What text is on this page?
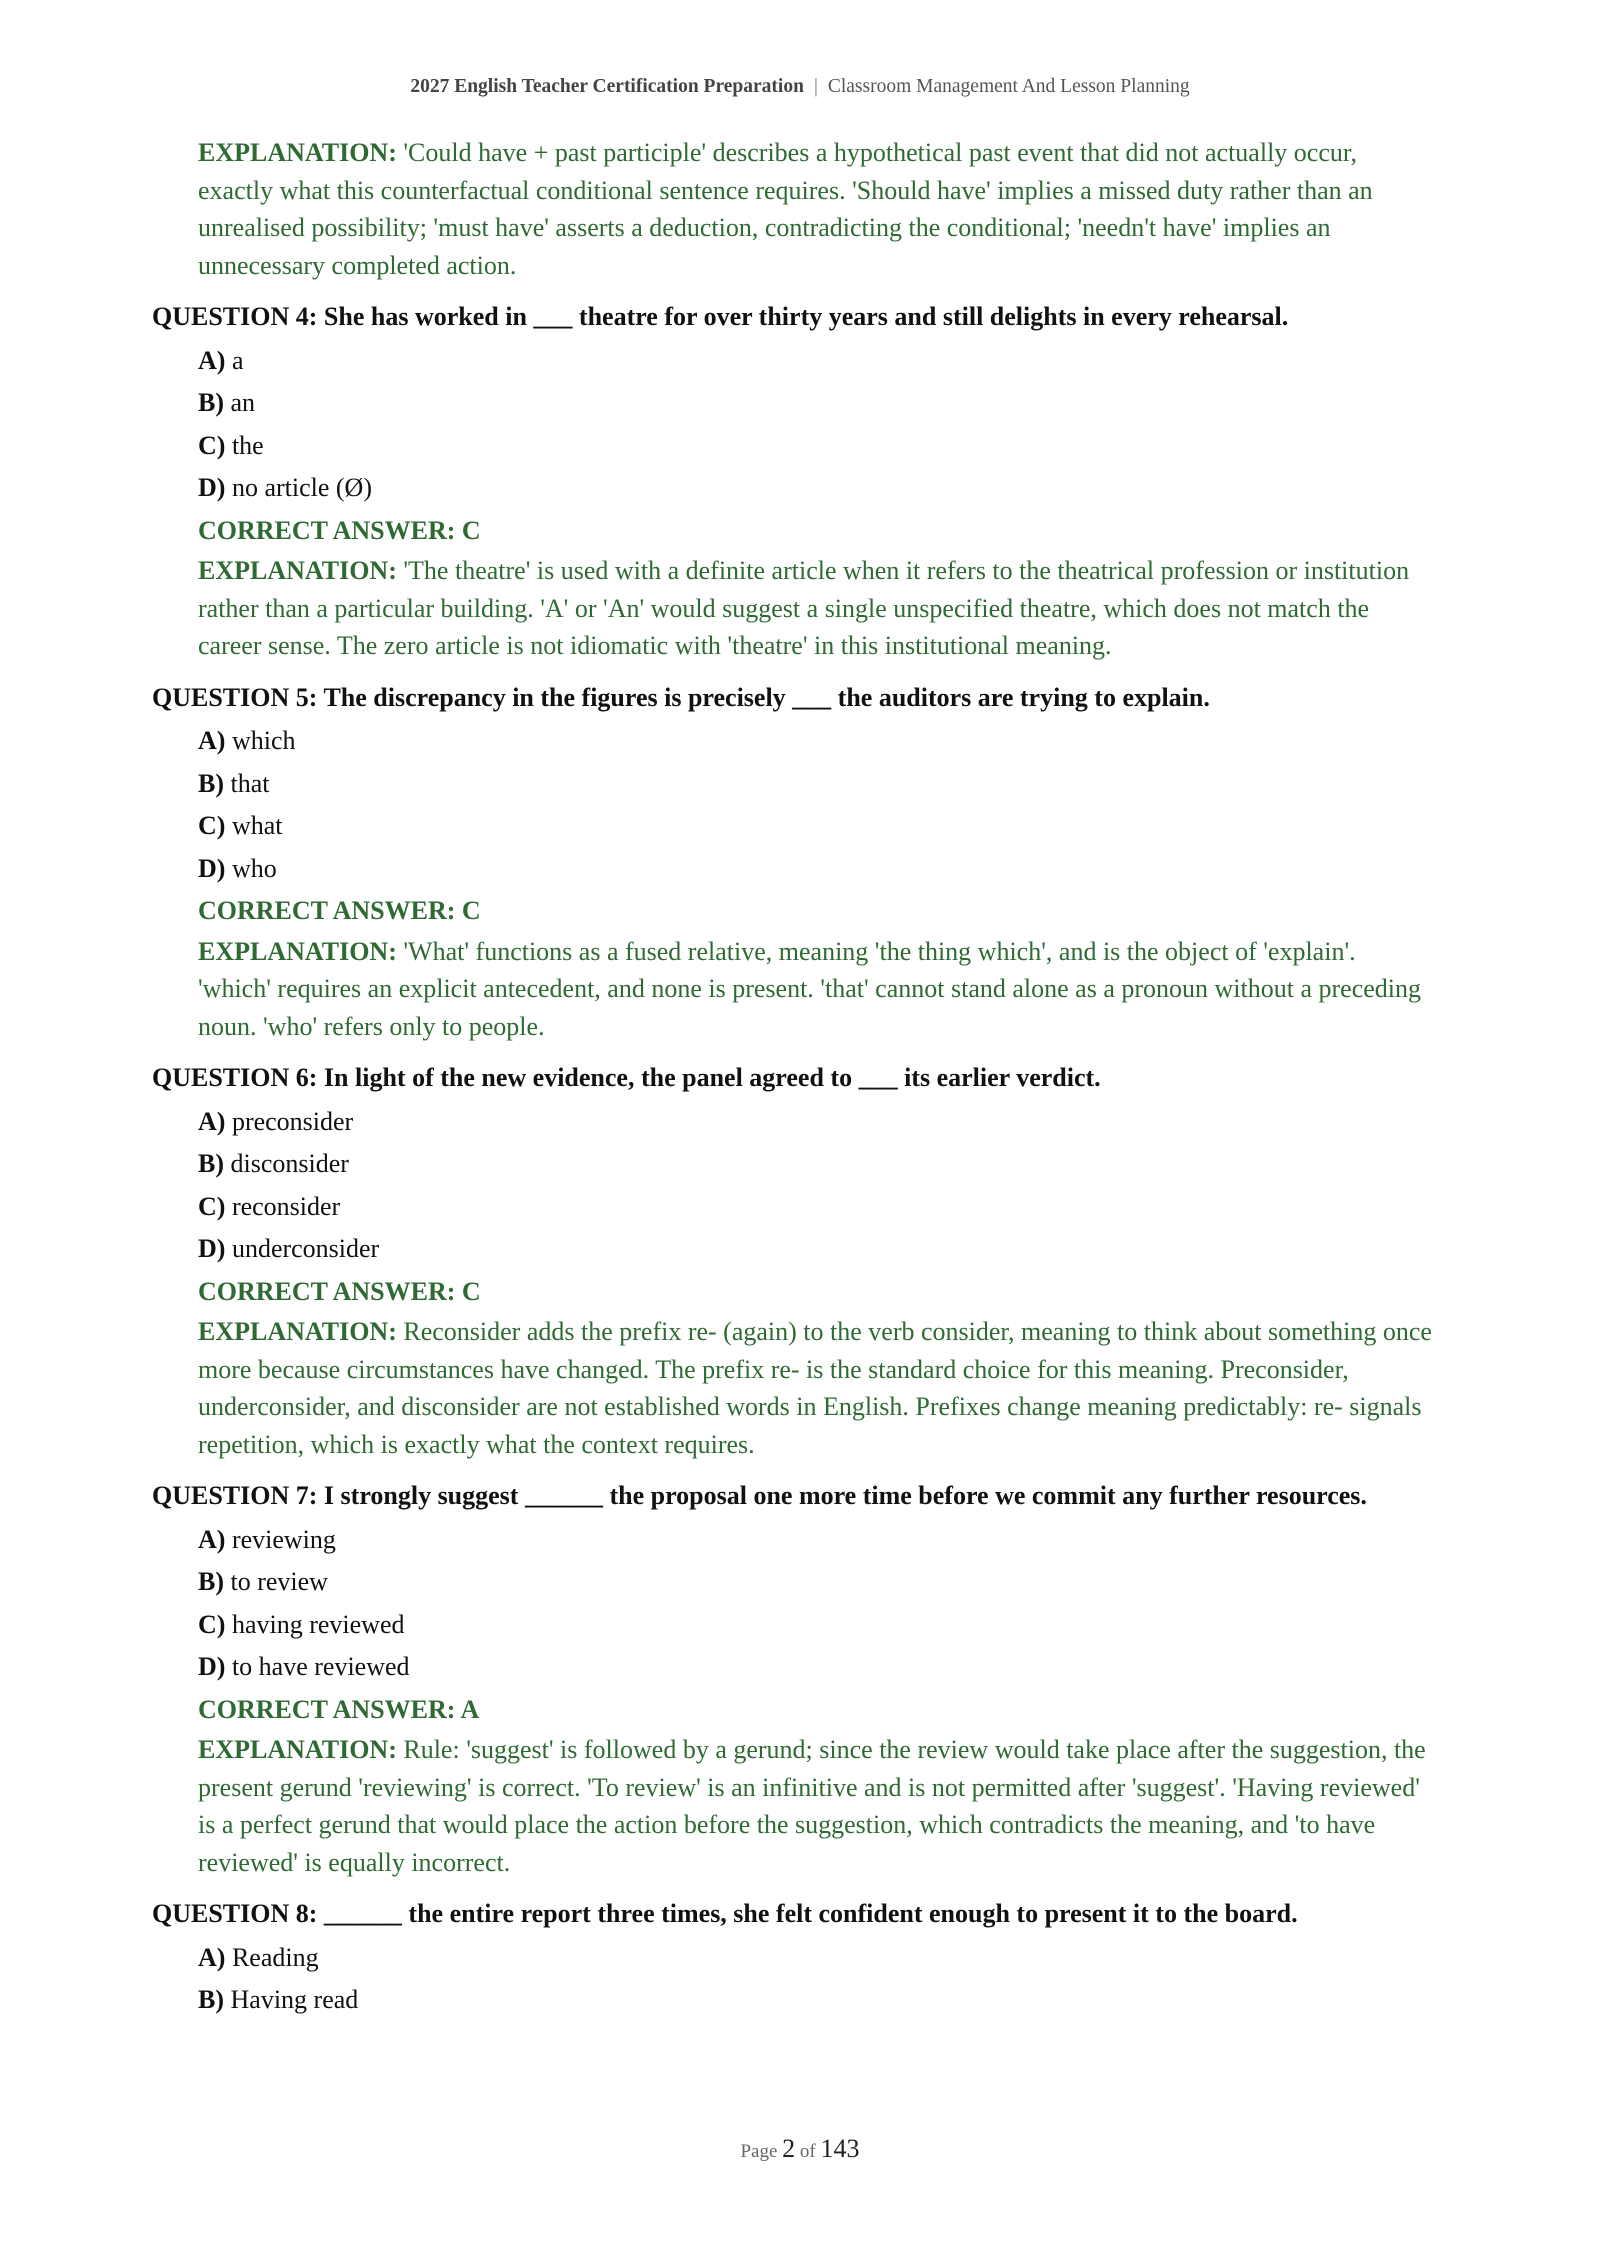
2027 English Teacher Certification Preparation | Classroom Management And Lesson Planning
EXPLANATION: 'Could have + past participle' describes a hypothetical past event that did not actually occur, exactly what this counterfactual conditional sentence requires. 'Should have' implies a missed duty rather than an unrealised possibility; 'must have' asserts a deduction, contradicting the conditional; 'needn't have' implies an unnecessary completed action.
QUESTION 4: She has worked in ___ theatre for over thirty years and still delights in every rehearsal.
A) a
B) an
C) the
D) no article (Ø)
CORRECT ANSWER: C
EXPLANATION: 'The theatre' is used with a definite article when it refers to the theatrical profession or institution rather than a particular building. 'A' or 'An' would suggest a single unspecified theatre, which does not match the career sense. The zero article is not idiomatic with 'theatre' in this institutional meaning.
QUESTION 5: The discrepancy in the figures is precisely ___ the auditors are trying to explain.
A) which
B) that
C) what
D) who
CORRECT ANSWER: C
EXPLANATION: 'What' functions as a fused relative, meaning 'the thing which', and is the object of 'explain'. 'which' requires an explicit antecedent, and none is present. 'that' cannot stand alone as a pronoun without a preceding noun. 'who' refers only to people.
QUESTION 6: In light of the new evidence, the panel agreed to ___ its earlier verdict.
A) preconsider
B) disconsider
C) reconsider
D) underconsider
CORRECT ANSWER: C
EXPLANATION: Reconsider adds the prefix re- (again) to the verb consider, meaning to think about something once more because circumstances have changed. The prefix re- is the standard choice for this meaning. Preconsider, underconsider, and disconsider are not established words in English. Prefixes change meaning predictably: re- signals repetition, which is exactly what the context requires.
QUESTION 7: I strongly suggest ______ the proposal one more time before we commit any further resources.
A) reviewing
B) to review
C) having reviewed
D) to have reviewed
CORRECT ANSWER: A
EXPLANATION: Rule: 'suggest' is followed by a gerund; since the review would take place after the suggestion, the present gerund 'reviewing' is correct. 'To review' is an infinitive and is not permitted after 'suggest'. 'Having reviewed' is a perfect gerund that would place the action before the suggestion, which contradicts the meaning, and 'to have reviewed' is equally incorrect.
QUESTION 8: ______ the entire report three times, she felt confident enough to present it to the board.
A) Reading
B) Having read
Page 2 of 143
